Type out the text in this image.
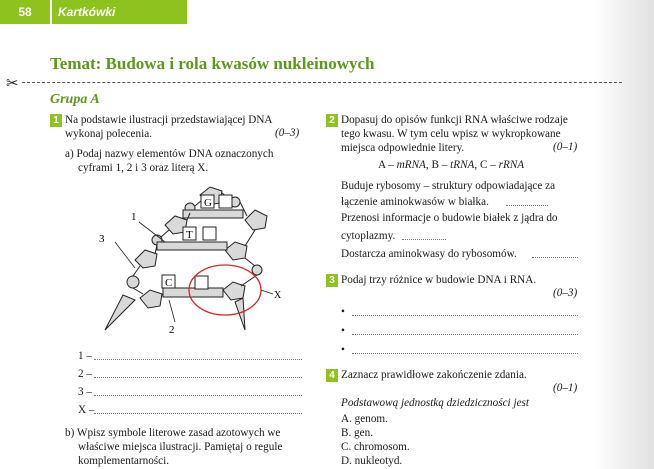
58	Kartkówki
Temat: Budowa i rola kwasów nukleinowych
✂
Grupa A
1 Na podstawie ilustracji przedstawiającej DNA
wykonaj polecenia.	(0–3)
a) Podaj nazwy elementów DNA oznaczonych
cyframi 1, 2 i 3 oraz literą X.
G
T
C
1
3
2
X
1 –
2 –
3 –
X –
b) Wpisz symbole literowe zasad azotowych we
właściwe miejsca ilustracji. Pamiętaj o regule
komplementarności.
2 Dopasuj do opisów funkcji RNA właściwe rodzaje
tego kwasu. W tym celu wpisz w wykropkowane
miejsca odpowiednie litery.	(0–1)
A – mRNA, B – tRNA, C – rRNA
Buduje rybosomy – struktury odpowiadające za
łączenie aminokwasów w białka.
Przenosi informacje o budowie białek z jądra do
cytoplazmy.
Dostarcza aminokwasy do rybosomów.
3 Podaj trzy różnice w budowie DNA i RNA.
(0–3)
•
•
•
4 Zaznacz prawidłowe zakończenie zdania.
(0–1)
Podstawową jednostką dziedziczności jest
A. genom.
B. gen.
C. chromosom.
D. nukleotyd.
